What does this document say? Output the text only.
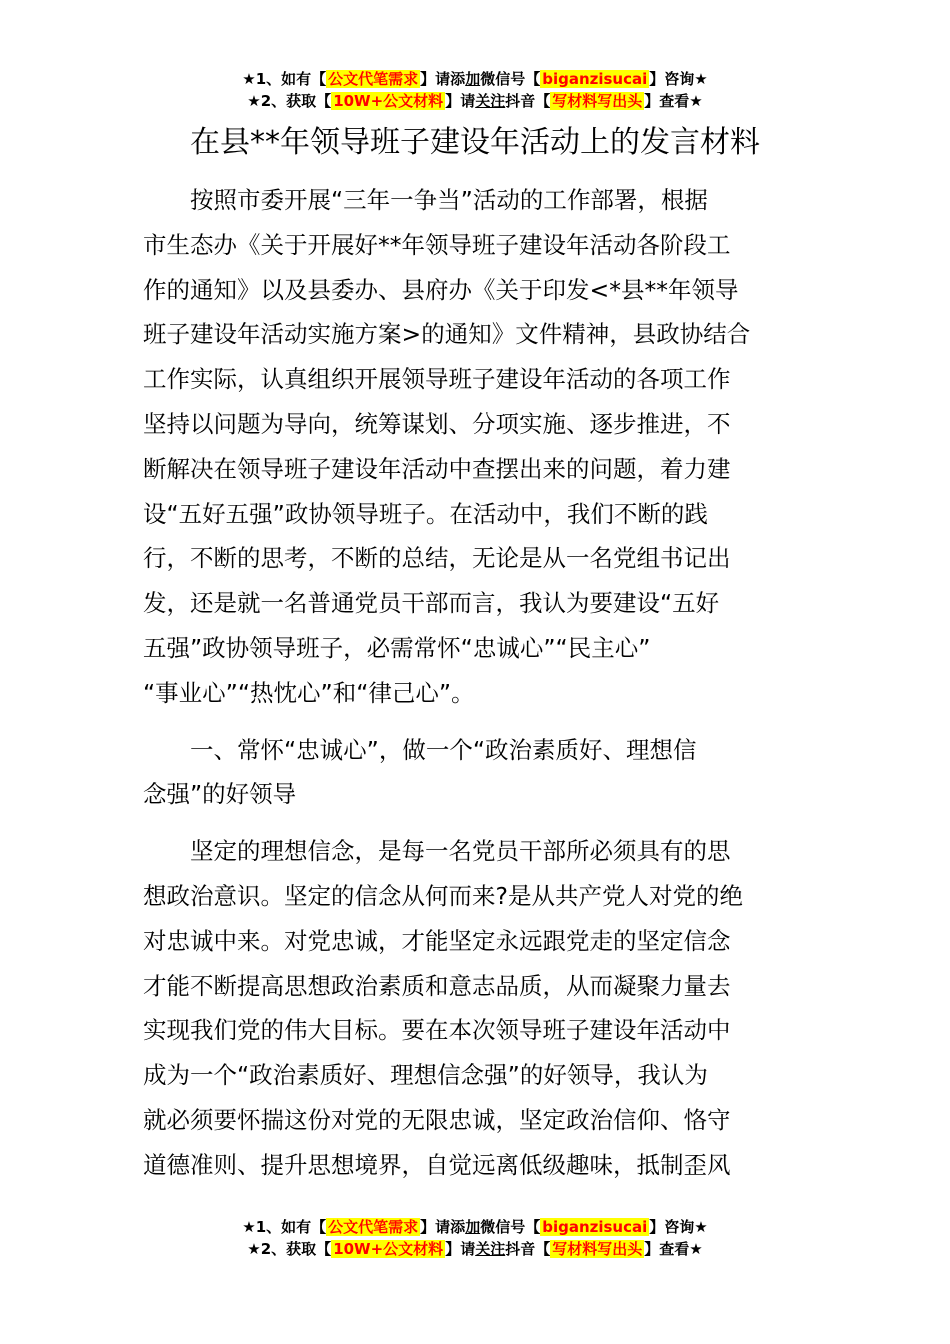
★1、如有【 公文代笔需求 】请添加微信号【 biganzisucai 】咨询★
★2、获取【 10W+公文材料 】请关注抖音【 写材料写出头 】查看★
在县**年领导班子建设年活动上的发言材料
　　按照市委开展“三年一争当”活动的工作部署，根据
市生态办《关于开展好**年领导班子建设年活动各阶段工
作的通知》以及县委办、县府办《关于印发<*县**年领导
班子建设年活动实施方案>的通知》文件精神，县政协结合
工作实际，认真组织开展领导班子建设年活动的各项工作
坚持以问题为导向，统筹谋划、分项实施、逐步推进，不
断解决在领导班子建设年活动中查摆出来的问题，着力建
设“五好五强”政协领导班子。在活动中，我们不断的践
行，不断的思考，不断的总结，无论是从一名党组书记出
发，还是就一名普通党员干部而言，我认为要建设“五好
五强”政协领导班子，必需常怀“忠诚心”“民主心”
“事业心”“热忱心”和“律己心”。
　　一、常怀“忠诚心”，做一个“政治素质好、理想信
念强”的好领导
　　坚定的理想信念，是每一名党员干部所必须具有的思
想政治意识。坚定的信念从何而来?是从共产党人对党的绝
对忠诚中来。对党忠诚，才能坚定永远跟党走的坚定信念
才能不断提高思想政治素质和意志品质，从而凝聚力量去
实现我们党的伟大目标。要在本次领导班子建设年活动中
成为一个“政治素质好、理想信念强”的好领导，我认为
就必须要怀揣这份对党的无限忠诚，坚定政治信仰、恪守
道德准则、提升思想境界，自觉远离低级趣味，抵制歪风
★1、如有【 公文代笔需求 】请添加微信号【 biganzisucai 】咨询★
★2、获取【 10W+公文材料 】请关注抖音【 写材料写出头 】查看★
